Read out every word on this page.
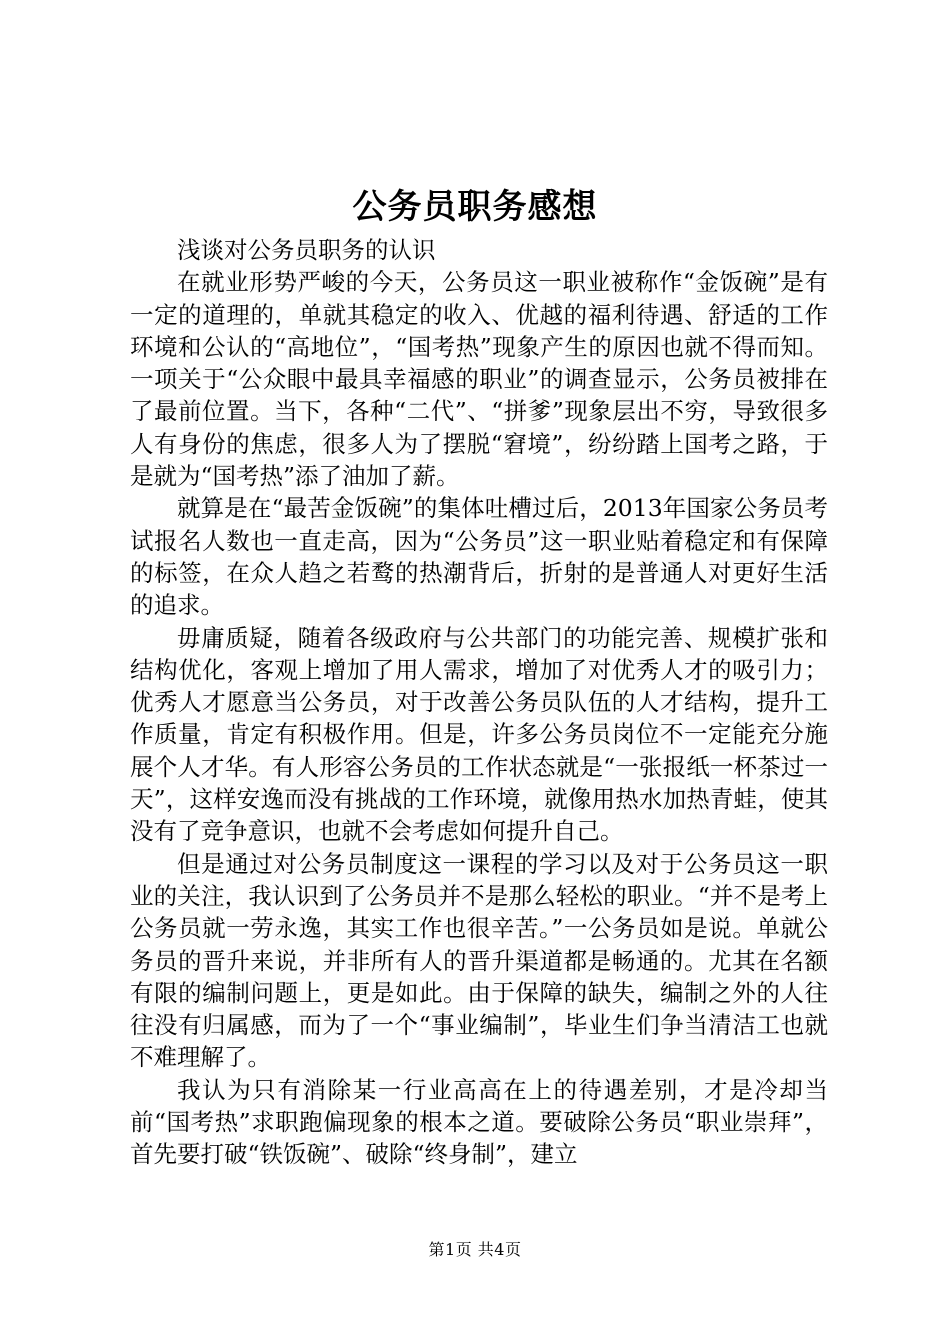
公务员职务感想

浅谈对公务员职务的认识

在就业形势严峻的今天，公务员这一职业被称作“金饭碗”是有一定的道理的，单就其稳定的收入、优越的福利待遇、舒适的工作环境和公认的“高地位”，“国考热”现象产生的原因也就不得而知。一项关于“公众眼中最具幸福感的职业”的调查显示，公务员被排在了最前位置。当下，各种“二代”、“拼爹”现象层出不穷，导致很多人有身份的焦虑，很多人为了摆脱“窘境”，纷纷踏上国考之路，于是就为“国考热”添了油加了薪。

就算是在“最苦金饭碗”的集体吐槽过后，2013年国家公务员考试报名人数也一直走高，因为“公务员”这一职业贴着稳定和有保障的标签，在众人趋之若鹜的热潮背后，折射的是普通人对更好生活的追求。

毋庸质疑，随着各级政府与公共部门的功能完善、规模扩张和结构优化，客观上增加了用人需求，增加了对优秀人才的吸引力；优秀人才愿意当公务员，对于改善公务员队伍的人才结构，提升工作质量，肯定有积极作用。但是，许多公务员岗位不一定能充分施展个人才华。有人形容公务员的工作状态就是“一张报纸一杯茶过一天”，这样安逸而没有挑战的工作环境，就像用热水加热青蛙，使其没有了竞争意识，也就不会考虑如何提升自己。

但是通过对公务员制度这一课程的学习以及对于公务员这一职业的关注，我认识到了公务员并不是那么轻松的职业。“并不是考上公务员就一劳永逸，其实工作也很辛苦。”一公务员如是说。单就公务员的晋升来说，并非所有人的晋升渠道都是畅通的。尤其在名额有限的编制问题上，更是如此。由于保障的缺失，编制之外的人往往没有归属感，而为了一个“事业编制”，毕业生们争当清洁工也就不难理解了。

我认为只有消除某一行业高高在上的待遇差别，才是冷却当前“国考热”求职跑偏现象的根本之道。要破除公务员“职业崇拜”，首先要打破“铁饭碗”、破除“终身制”，建立

第1页 共4页
